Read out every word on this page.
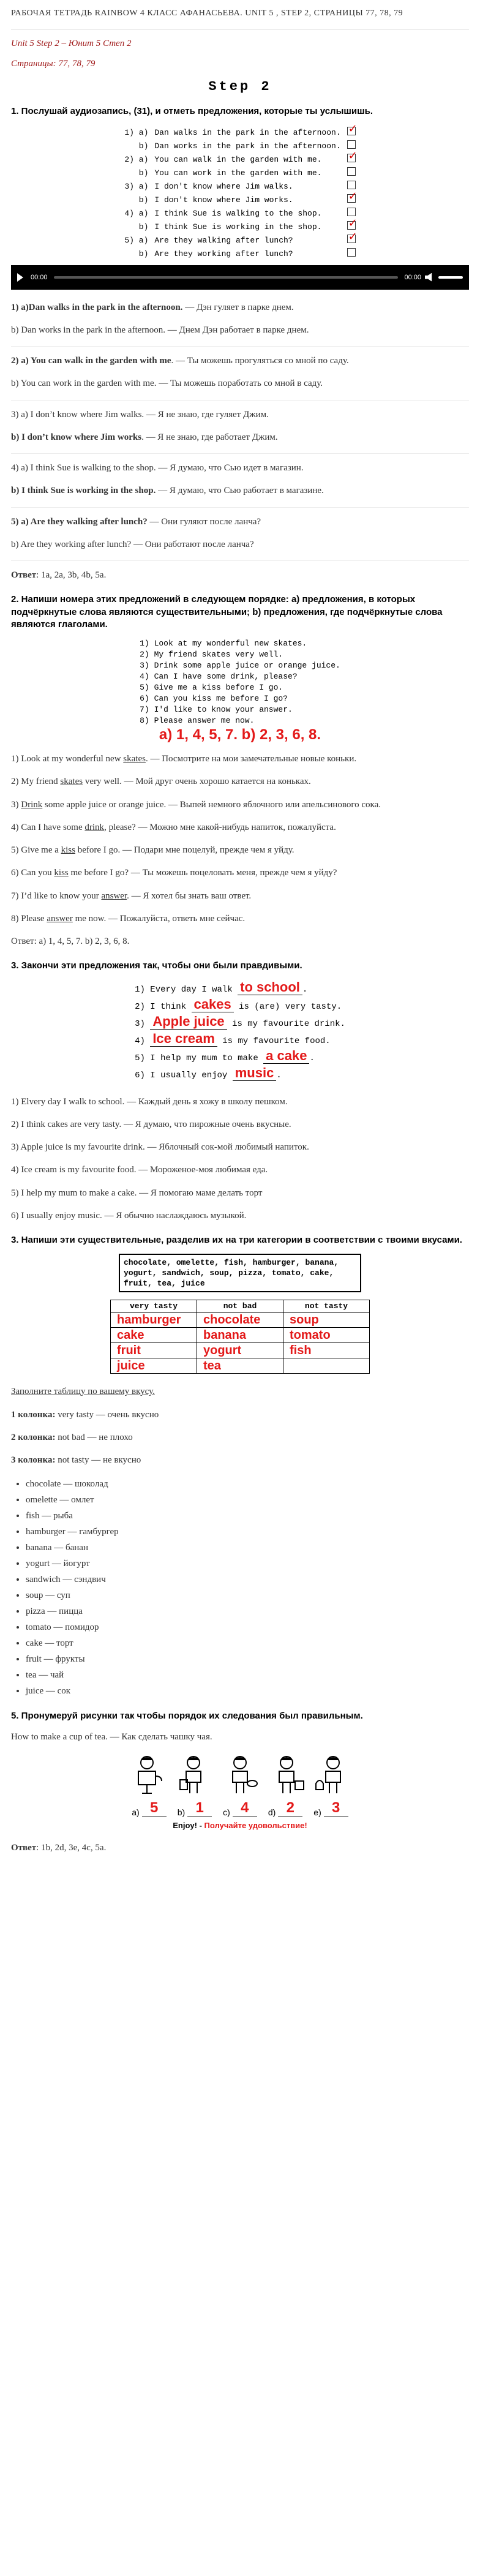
РАБОЧАЯ ТЕТРАДЬ RAINBOW 4 КЛАСС АФАНАСЬЕВА. UNIT 5 , STEP 2, СТРАНИЦЫ 77, 78, 79
Unit 5 Step 2 – Юнит 5 Степ 2
Страницы: 77, 78, 79
Step 2
1. Послушай аудиозапись, (31), и отметь предложения, которые ты услышишь.
1) a)	Dan walks in the park in the afternoon.	✓

b)	Dan works in the park in the afternoon.	
2) a)	You can walk in the garden with me.	✓

b)	You can work in the garden with me.	
3) a)	I don't know where Jim walks.	
b)	I don't know where Jim works.	✓

4) a)	I think Sue is walking to the shop.	
b)	I think Sue is working in the shop.	✓

5) a)	Are they walking after lunch?	✓

b)	Are they working after lunch?	
00:00	00:00

1) a)Dan walks in the park in the afternoon. — Дэн гуляет в парке днем.

b) Dan works in the park in the afternoon. — Днем Дэн работает в парке днем.

2) a) You can walk in the garden with me. — Ты можешь прогуляться со мной по саду.

b) You can work in the garden with me. — Ты можешь поработать со мной в саду.

3) a) I don’t know where Jim walks. — Я не знаю, где гуляет Джим.

b) I don’t know where Jim works. — Я не знаю, где работает Джим.

4) a) I think Sue is walking to the shop. — Я думаю, что Сью идет в магазин.

b) I think Sue is working in the shop. — Я думаю, что Сью работает в магазине.

5) a) Are they walking after lunch? — Они гуляют после ланча?

b) Are they working after lunch? — Они работают после ланча?

Ответ: 1a, 2a, 3b, 4b, 5a.

2. Напиши номера этих предложений в следующем порядке: a) предложения, в которых подчёркнутые слова являются существительными; b) предложения, где подчёркнутые слова являются глаголами.
1) Look at my wonderful new skates.
2) My friend skates very well.
3) Drink some apple juice or orange juice.
4) Can I have some drink, please?
5) Give me a kiss before I go.
6) Can you kiss me before I go?
7) I'd like to know your answer.
8) Please answer me now.
a) 1, 4, 5, 7. b) 2, 3, 6, 8.

1) Look at my wonderful new skates. — Посмотрите на мои замечательные новые коньки.

2) My friend skates very well. — Мой друг очень хорошо катается на коньках.

3) Drink some apple juice or orange juice. — Выпей немного яблочного или апельсинового сока.

4) Can I have some drink, please? — Можно мне какой-нибудь напиток, пожалуйста.

5) Give me a kiss before I go. — Подари мне поцелуй, прежде чем я уйду.

6) Can you kiss me before I go? — Ты можешь поцеловать меня, прежде чем я уйду?

7) I’d like to know your answer. — Я хотел бы знать ваш ответ.

8) Please answer me now. — Пожалуйста, ответь мне сейчас.

Ответ: а) 1, 4, 5, 7. b) 2, 3, 6, 8.

3. Закончи эти предложения так, чтобы они были правдивыми.
1) Every day I walk to school .
2) I think cakes is (are) very tasty.
3) Apple juice is my favourite drink.
4) Ice cream is my favourite food.
5) I help my mum to make a cake .
6) I usually enjoy music .

1) Elvery day I walk to school. — Каждый день я хожу в школу пешком.

2) I think cakes are very tasty. — Я думаю, что пирожные очень вкусные.

3) Apple juice is my favourite drink. — Яблочный сок-мой любимый напиток.

4) Ice cream is my favourite food. — Мороженое-моя любимая еда.

5) I help my mum to make a cake. — Я помогаю маме делать торт

6) I usually enjoy music. — Я обычно наслаждаюсь музыкой.

3. Напиши эти существительные, разделив их на три категории в соответствии с твоими вкусами.
chocolate, omelette, fish, hamburger, banana, yogurt, sandwich, soup, pizza, tomato, cake, fruit, tea, juice
very tasty	not bad	not tasty
hamburger	chocolate	soup
cake	banana	tomato
fruit	yogurt	fish
juice	tea	

Заполните таблицу по вашему вкусу.

1 колонка: very tasty — очень вкусно

2 колонка: not bad — не плохо

3 колонка: not tasty — не вкусно

• chocolate — шоколад
• omelette — омлет
• fish — рыба
• hamburger — гамбургер
• banana — банан
• yogurt — йогурт
• sandwich — сэндвич
• soup — суп
• pizza — пицца
• tomato — помидор
• cake — торт
• fruit — фрукты
• tea — чай
• juice — сок
5. Пронумеруй рисунки так чтобы порядок их следования был правильным.

How to make a cup of tea. — Как сделать чашку чая.

a) 5	b) 1	c) 4	d) 2	e) 3
Enjoy! - Получайте удовольствие!

Ответ: 1b, 2d, 3e, 4c, 5a.
